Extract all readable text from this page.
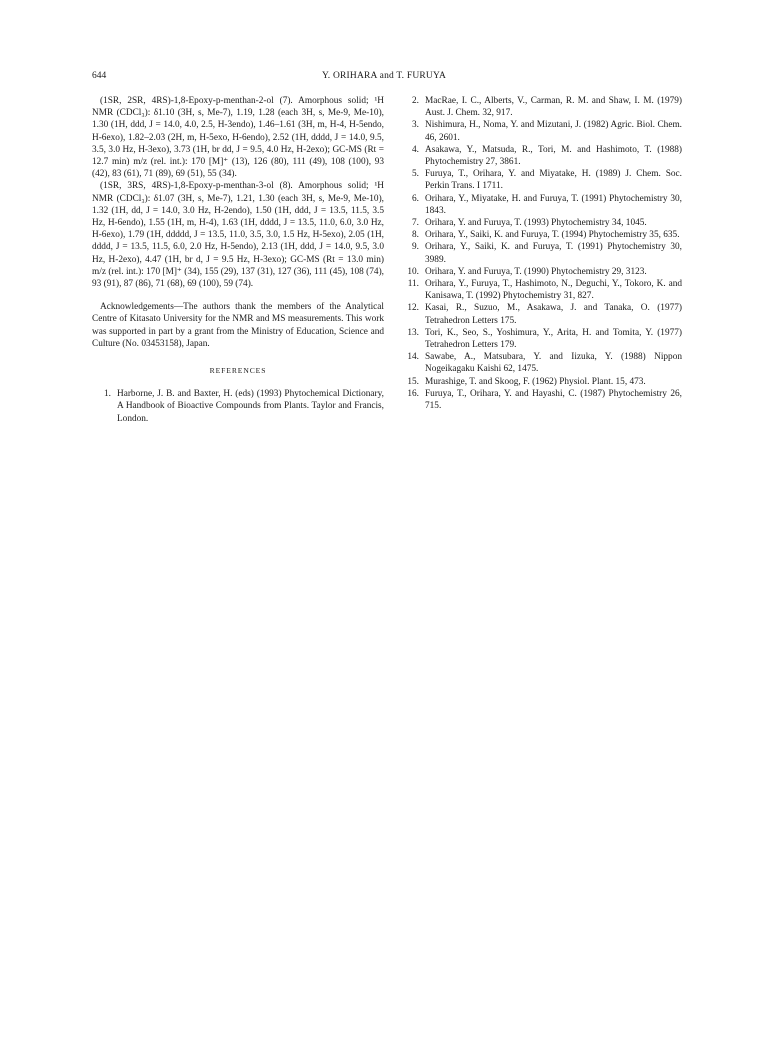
644	Y. ORIHARA and T. FURUYA

(1SR, 2SR, 4RS)-1,8-Epoxy-p-menthan-2-ol (7). Amorphous solid; ¹H NMR (CDCl₃): δ1.10 (3H, s, Me-7), 1.19, 1.28 (each 3H, s, Me-9, Me-10), 1.30 (1H, ddd, J = 14.0, 4.0, 2.5, H-3endo), 1.46–1.61 (3H, m, H-4, H-5endo, H-6exo), 1.82–2.03 (2H, m, H-5exo, H-6endo), 2.52 (1H, dddd, J = 14.0, 9.5, 3.5, 3.0 Hz, H-3exo), 3.73 (1H, br dd, J = 9.5, 4.0 Hz, H-2exo); GC-MS (Rt = 12.7 min) m/z (rel. int.): 170 [M]⁺ (13), 126 (80), 111 (49), 108 (100), 93 (42), 83 (61), 71 (89), 69 (51), 55 (34).

(1SR, 3RS, 4RS)-1,8-Epoxy-p-menthan-3-ol (8). Amorphous solid; ¹H NMR (CDCl₃): δ1.07 (3H, s, Me-7), 1.21, 1.30 (each 3H, s, Me-9, Me-10), 1.32 (1H, dd, J = 14.0, 3.0 Hz, H-2endo), 1.50 (1H, ddd, J = 13.5, 11.5, 3.5 Hz, H-6endo), 1.55 (1H, m, H-4), 1.63 (1H, dddd, J = 13.5, 11.0, 6.0, 3.0 Hz, H-6exo), 1.79 (1H, ddddd, J = 13.5, 11.0, 3.5, 3.0, 1.5 Hz, H-5exo), 2.05 (1H, dddd, J = 13.5, 11.5, 6.0, 2.0 Hz, H-5endo), 2.13 (1H, ddd, J = 14.0, 9.5, 3.0 Hz, H-2exo), 4.47 (1H, br d, J = 9.5 Hz, H-3exo); GC-MS (Rt = 13.0 min) m/z (rel. int.): 170 [M]⁺ (34), 155 (29), 137 (31), 127 (36), 111 (45), 108 (74), 93 (91), 87 (86), 71 (68), 69 (100), 59 (74).

Acknowledgements—The authors thank the members of the Analytical Centre of Kitasato University for the NMR and MS measurements. This work was supported in part by a grant from the Ministry of Education, Science and Culture (No. 03453158), Japan.

REFERENCES
1. Harborne, J. B. and Baxter, H. (eds) (1993) Phytochemical Dictionary, A Handbook of Bioactive Compounds from Plants. Taylor and Francis, London.
2. MacRae, I. C., Alberts, V., Carman, R. M. and Shaw, I. M. (1979) Aust. J. Chem. 32, 917.
3. Nishimura, H., Noma, Y. and Mizutani, J. (1982) Agric. Biol. Chem. 46, 2601.
4. Asakawa, Y., Matsuda, R., Tori, M. and Hashimoto, T. (1988) Phytochemistry 27, 3861.
5. Furuya, T., Orihara, Y. and Miyatake, H. (1989) J. Chem. Soc. Perkin Trans. I 1711.
6. Orihara, Y., Miyatake, H. and Furuya, T. (1991) Phytochemistry 30, 1843.
7. Orihara, Y. and Furuya, T. (1993) Phytochemistry 34, 1045.
8. Orihara, Y., Saiki, K. and Furuya, T. (1994) Phytochemistry 35, 635.
9. Orihara, Y., Saiki, K. and Furuya, T. (1991) Phytochemistry 30, 3989.
10. Orihara, Y. and Furuya, T. (1990) Phytochemistry 29, 3123.
11. Orihara, Y., Furuya, T., Hashimoto, N., Deguchi, Y., Tokoro, K. and Kanisawa, T. (1992) Phytochemistry 31, 827.
12. Kasai, R., Suzuo, M., Asakawa, J. and Tanaka, O. (1977) Tetrahedron Letters 175.
13. Tori, K., Seo, S., Yoshimura, Y., Arita, H. and Tomita, Y. (1977) Tetrahedron Letters 179.
14. Sawabe, A., Matsubara, Y. and Iizuka, Y. (1988) Nippon Nogeikagaku Kaishi 62, 1475.
15. Murashige, T. and Skoog, F. (1962) Physiol. Plant. 15, 473.
16. Furuya, T., Orihara, Y. and Hayashi, C. (1987) Phytochemistry 26, 715.
